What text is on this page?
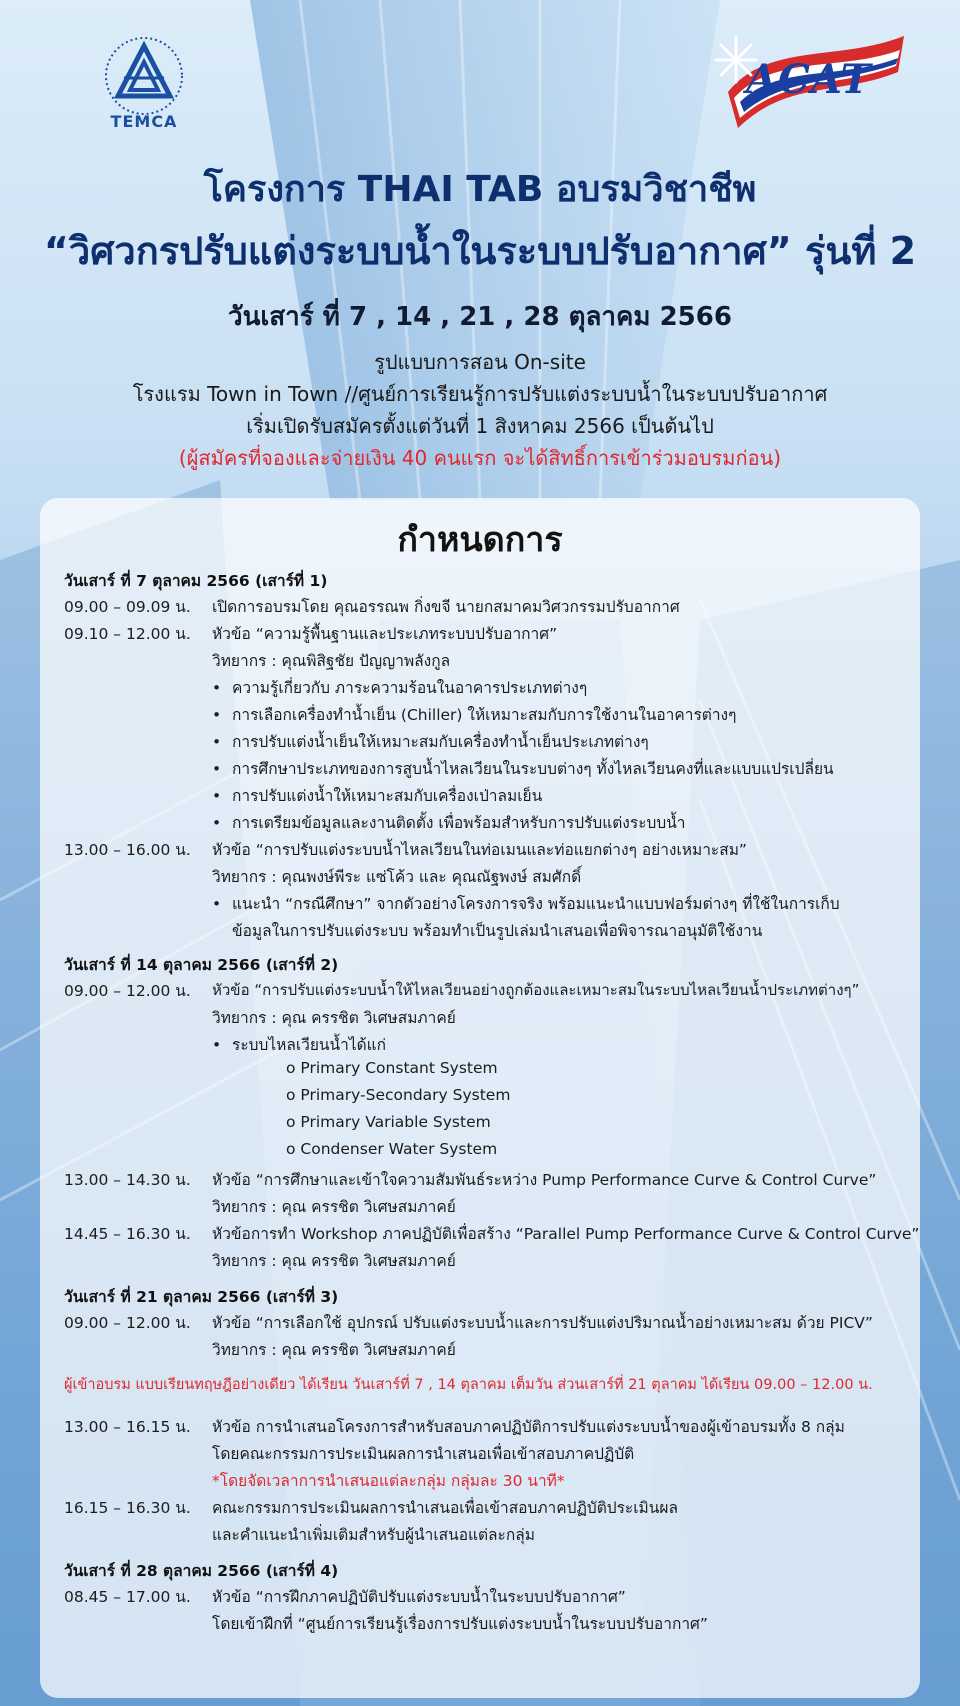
TEMCA
ACAT
โครงการ THAI TAB อบรมวิชาชีพ
“วิศวกรปรับแต่งระบบน้ำในระบบปรับอากาศ” รุ่นที่ 2
วันเสาร์ ที่ 7 , 14 , 21 , 28 ตุลาคม 2566
รูปแบบการสอน On-site
โรงแรม Town in Town //ศูนย์การเรียนรู้การปรับแต่งระบบน้ำในระบบปรับอากาศ
เริ่มเปิดรับสมัครตั้งแต่วันที่ 1 สิงหาคม 2566 เป็นต้นไป
(ผู้สมัครที่จองและจ่ายเงิน 40 คนแรก จะได้สิทธิ์การเข้าร่วมอบรมก่อน)
กำหนดการ
วันเสาร์ ที่ 7 ตุลาคม 2566 (เสาร์ที่ 1)
09.00 – 09.09 น. เปิดการอบรมโดย คุณอรรณพ กิ่งขจี นายกสมาคมวิศวกรรมปรับอากาศ
09.10 – 12.00 น. หัวข้อ “ความรู้พื้นฐานและประเภทระบบปรับอากาศ”
วิทยากร : คุณพิสิฐชัย ปัญญาพลังกูล
• ความรู้เกี่ยวกับ ภาระความร้อนในอาคารประเภทต่างๆ
• การเลือกเครื่องทำน้ำเย็น (Chiller) ให้เหมาะสมกับการใช้งานในอาคารต่างๆ
• การปรับแต่งน้ำเย็นให้เหมาะสมกับเครื่องทำน้ำเย็นประเภทต่างๆ
• การศึกษาประเภทของการสูบน้ำไหลเวียนในระบบต่างๆ ทั้งไหลเวียนคงที่และแบบแปรเปลี่ยน
• การปรับแต่งน้ำให้เหมาะสมกับเครื่องเป่าลมเย็น
• การเตรียมข้อมูลและงานติดตั้ง เพื่อพร้อมสำหรับการปรับแต่งระบบน้ำ
13.00 – 16.00 น. หัวข้อ “การปรับแต่งระบบน้ำไหลเวียนในท่อเมนและท่อแยกต่างๆ อย่างเหมาะสม”
วิทยากร : คุณพงษ์พีระ แซ่โค้ว และ คุณณัฐพงษ์ สมศักดิ์
• แนะนำ “กรณีศึกษา” จากตัวอย่างโครงการจริง พร้อมแนะนำแบบฟอร์มต่างๆ ที่ใช้ในการเก็บ
ข้อมูลในการปรับแต่งระบบ พร้อมทำเป็นรูปเล่มนำเสนอเพื่อพิจารณาอนุมัติใช้งาน
วันเสาร์ ที่ 14 ตุลาคม 2566 (เสาร์ที่ 2)
09.00 – 12.00 น. หัวข้อ “การปรับแต่งระบบน้ำให้ไหลเวียนอย่างถูกต้องและเหมาะสมในระบบไหลเวียนน้ำประเภทต่างๆ”
วิทยากร : คุณ ครรชิต วิเศษสมภาคย์
• ระบบไหลเวียนน้ำได้แก่
o Primary Constant System
o Primary-Secondary System
o Primary Variable System
o Condenser Water System
13.00 – 14.3͏͏͏0 น. หัวข้อ “การศึกษาและเข้าใจความสัมพันธ์ระหว่าง Pump Performance Curve & Control Curve”
วิทยากร : คุณ ครรชิต วิเศษสมภาคย์
14.45 – 16.30 น. หัวข้อการทำ Workshop ภาคปฏิบัติเพื่อสร้าง “Parallel Pump Performance Curve & Control Curve”
วิทยากร : คุณ ครรชิต วิเศษสมภาคย์
วันเสาร์ ที่ 21 ตุลาคม 2566 (เสาร์ที่ 3)
09.00 – 12.00 น. หัวข้อ “การเลือกใช้ อุปกรณ์ ปรับแต่งระบบน้ำและการปรับแต่งปริมาณน้ำอย่างเหมาะสม ด้วย PICV”
วิทยากร : คุณ ครรชิต วิเศษสมภาคย์
ผู้เข้าอบรม แบบเรียนทฤษฎีอย่างเดียว ได้เรียน วันเสาร์ที่ 7 , 14 ตุลาคม เต็มวัน ส่วนเสาร์ที่ 21 ตุลาคม ได้เรียน 09.00 – 12.00 น.
13.00 – 16.15 น. หัวข้อ การนำเสนอโครงการสำหรับสอบภาคปฏิบัติการปรับแต่งระบบน้ำของผู้เข้าอบรมทั้ง 8 กลุ่ม
โดยคณะกรรมการประเมินผลการนำเสนอเพื่อเข้าสอบภาคปฏิบัติ
*โดยจัดเวลาการนำเสนอแต่ละกลุ่ม กลุ่มละ 30 นาที*
16.15 – 16.30 น. คณะกรรมการประเมินผลการนำเสนอเพื่อเข้าสอบภาคปฏิบัติประเมินผล
และคำแนะนำเพิ่มเติมสำหรับผู้นำเสนอแต่ละกลุ่ม
วันเสาร์ ที่ 28 ตุลาคม 2566 (เสาร์ที่ 4)
08.45 – 17.00 น. หัวข้อ “การฝึกภาคปฏิบัติปรับแต่งระบบน้ำในระบบปรับอากาศ”
โดยเข้าฝึกที่ “ศูนย์การเรียนรู้เรื่องการปรับแต่งระบบน้ำในระบบปรับอากาศ”
